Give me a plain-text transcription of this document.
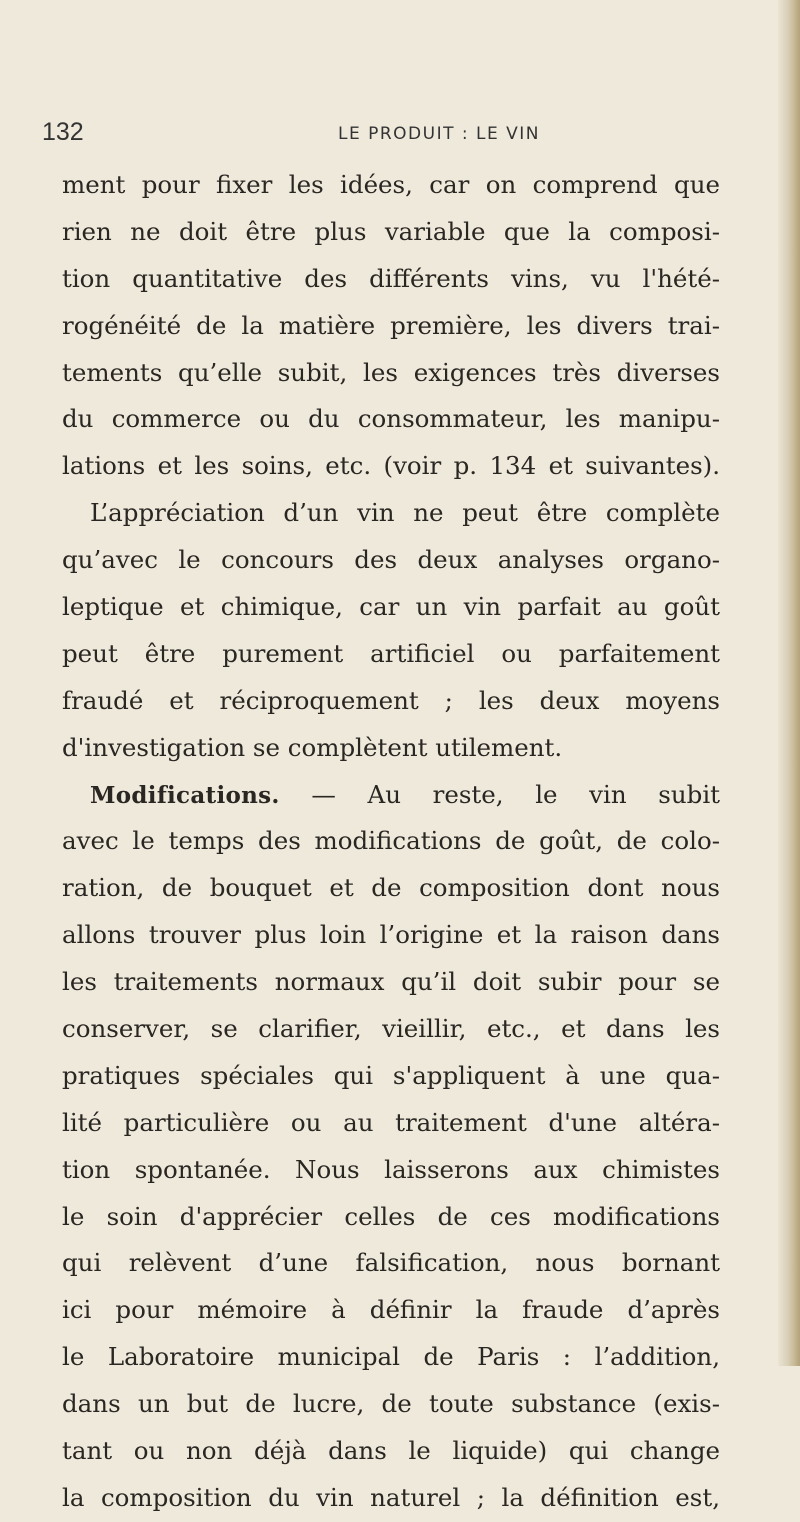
132	LE PRODUIT : LE VIN
ment pour fixer les idées, car on comprend que
rien ne doit être plus variable que la composi-
tion quantitative des différents vins, vu l'hété-
rogénéité de la matière première, les divers trai-
tements qu’elle subit, les exigences très diverses
du commerce ou du consommateur, les manipu-
lations et les soins, etc. (voir p. 134 et suivantes).
L’appréciation d’un vin ne peut être complète
qu’avec le concours des deux analyses organo-
leptique et chimique, car un vin parfait au goût
peut être purement artificiel ou parfaitement
fraudé et réciproquement ; les deux moyens
d'investigation se complètent utilement.
Modifications. — Au reste, le vin subit
avec le temps des modifications de goût, de colo-
ration, de bouquet et de composition dont nous
allons trouver plus loin l’origine et la raison dans
les traitements normaux qu’il doit subir pour se
conserver, se clarifier, vieillir, etc., et dans les
pratiques spéciales qui s'appliquent à une qua-
lité particulière ou au traitement d'une altéra-
tion spontanée. Nous laisserons aux chimistes
le soin d'apprécier celles de ces modifications
qui relèvent d’une falsification, nous bornant
ici pour mémoire à définir la fraude d’après
le Laboratoire municipal de Paris : l’addition,
dans un but de lucre, de toute substance (exis-
tant ou non déjà dans le liquide) qui change
la composition du vin naturel ; la définition est,
